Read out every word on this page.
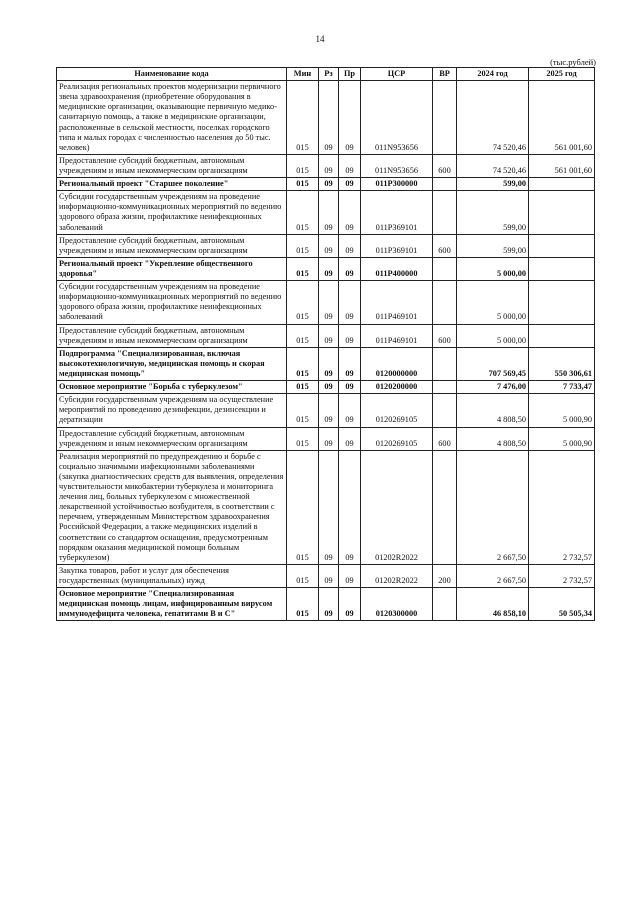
14
(тыс.рублей)
Наименование кода	Мин	Рз	Пр	ЦСР	ВР	2024 год	2025 год
Реализация региональных проектов модернизации первичного звена здравоохранения (приобретение оборудования в медицинские организации, оказывающие первичную медико-санитарную помощь, а также в медицинские организации, расположенные в сельской местности, поселках городского типа и малых городах с численностью населения до 50 тыс. человек)	015	09	09	011N953656		74 520,46	561 001,60
Предоставление субсидий бюджетным, автономным учреждениям и иным некоммерческим организациям	015	09	09	011N953656	600	74 520,46	561 001,60
Региональный проект "Старшее поколение"	015	09	09	011P300000		599,00	
Субсидии государственным учреждениям на проведение информационно-коммуникационных мероприятий по ведению здорового образа жизни, профилактике неинфекционных заболеваний	015	09	09	011P369101		599,00	
Предоставление субсидий бюджетным, автономным учреждениям и иным некоммерческим организациям	015	09	09	011P369101	600	599,00	
Региональный проект "Укрепление общественного здоровья"	015	09	09	011P400000		5 000,00	
Субсидии государственным учреждениям на проведение информационно-коммуникационных мероприятий по ведению здорового образа жизни, профилактике неинфекционных заболеваний	015	09	09	011P469101		5 000,00	
Предоставление субсидий бюджетным, автономным учреждениям и иным некоммерческим организациям	015	09	09	011P469101	600	5 000,00	
Подпрограмма "Специализированная, включая высокотехнологичную, медицинская помощь и скорая медицинская помощь"	015	09	09	0120000000		707 569,45	550 306,61
Основное мероприятие "Борьба с туберкулезом"	015	09	09	0120200000		7 476,00	7 733,47
Субсидии государственным учреждениям на осуществление мероприятий по проведению дезинфекции, дезинсекции и дератизации	015	09	09	0120269105		4 808,50	5 000,90
Предоставление субсидий бюджетным, автономным учреждениям и иным некоммерческим организациям	015	09	09	0120269105	600	4 808,50	5 000,90
Реализация мероприятий по предупреждению и борьбе с социально значимыми инфекционными заболеваниями (закупка диагностических средств для выявления, определения чувствительности микобактерии туберкулеза и мониторинга лечения лиц, больных туберкулезом с множественной лекарственной устойчивостью возбудителя, в соответствии с перечнем, утвержденным Министерством здравоохранения Российской Федерации, а также медицинских изделий в соответствии со стандартом оснащения, предусмотренным порядком оказания медицинской помощи больным туберкулезом)	015	09	09	01202R2022		2 667,50	2 732,57
Закупка товаров, работ и услуг для обеспечения государственных (муниципальных) нужд	015	09	09	01202R2022	200	2 667,50	2 732,57
Основное мероприятие "Специализированная медицинская помощь лицам, инфицированным вирусом иммунодефицита человека, гепатитами B и C"	015	09	09	0120300000		46 858,10	50 505,34
